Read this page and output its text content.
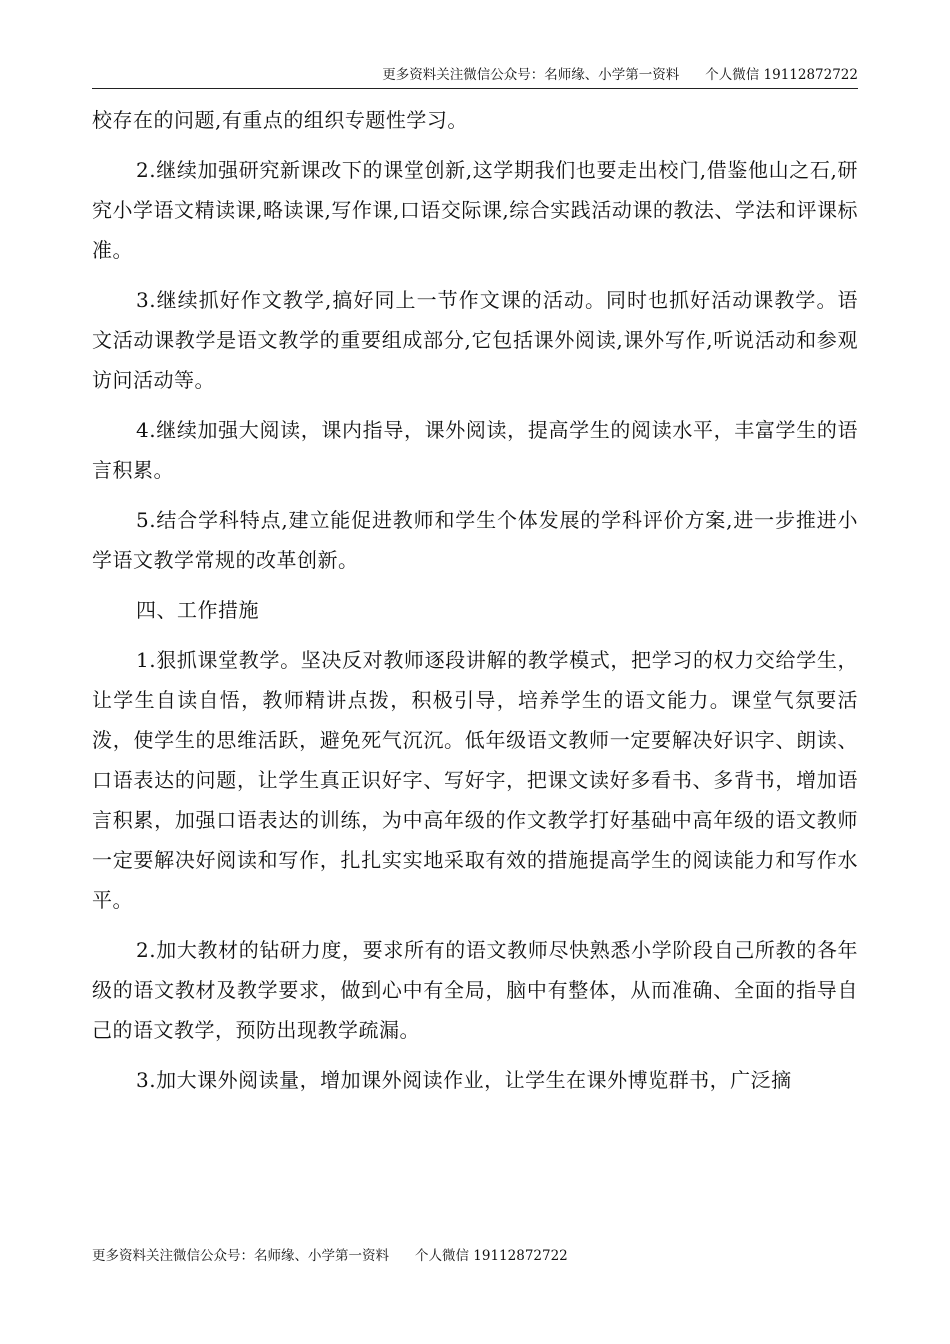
更多资料关注微信公众号：名师缘、小学第一资料 个人微信 19112872722

校存在的问题,有重点的组织专题性学习。

2.继续加强研究新课改下的课堂创新,这学期我们也要走出校门,借鉴他山之石,研究小学语文精读课,略读课,写作课,口语交际课,综合实践活动课的教法、学法和评课标准。

3.继续抓好作文教学,搞好同上一节作文课的活动。同时也抓好活动课教学。语文活动课教学是语文教学的重要组成部分,它包括课外阅读,课外写作,听说活动和参观访问活动等。

4.继续加强大阅读，课内指导，课外阅读，提高学生的阅读水平，丰富学生的语言积累。

5.结合学科特点,建立能促进教师和学生个体发展的学科评价方案,进一步推进小学语文教学常规的改革创新。

四、工作措施

1.狠抓课堂教学。坚决反对教师逐段讲解的教学模式，把学习的权力交给学生，让学生自读自悟，教师精讲点拨，积极引导，培养学生的语文能力。课堂气氛要活泼，使学生的思维活跃，避免死气沉沉。低年级语文教师一定要解决好识字、朗读、口语表达的问题，让学生真正识好字、写好字，把课文读好多看书、多背书，增加语言积累，加强口语表达的训练，为中高年级的作文教学打好基础中高年级的语文教师一定要解决好阅读和写作，扎扎实实地采取有效的措施提高学生的阅读能力和写作水平。

2.加大教材的钻研力度，要求所有的语文教师尽快熟悉小学阶段自己所教的各年级的语文教材及教学要求，做到心中有全局，脑中有整体，从而准确、全面的指导自己的语文教学，预防出现教学疏漏。

3.加大课外阅读量，增加课外阅读作业，让学生在课外博览群书，广泛摘

更多资料关注微信公众号：名师缘、小学第一资料 个人微信 19112872722
